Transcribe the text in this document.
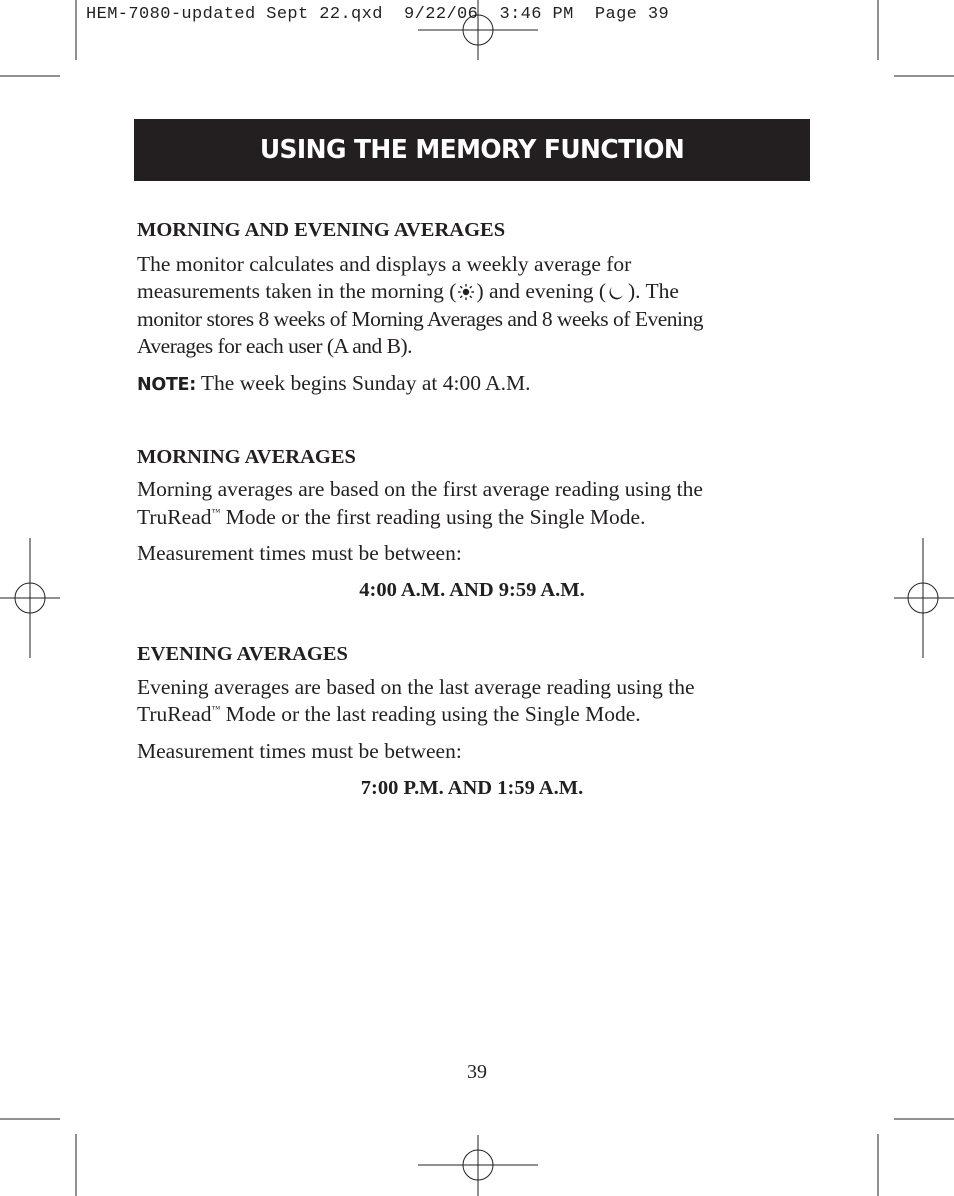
HEM-7080-updated Sept 22.qxd  9/22/06  3:46 PM  Page 39
USING THE MEMORY FUNCTION
MORNING AND EVENING AVERAGES
The monitor calculates and displays a weekly average for
measurements taken in the morning ( ) and evening ( ). The
monitor stores 8 weeks of Morning Averages and 8 weeks of Evening
Averages for each user (A and B).
NOTE: The week begins Sunday at 4:00 A.M.
MORNING AVERAGES
Morning averages are based on the first average reading using the
TruRead™ Mode or the first reading using the Single Mode.
Measurement times must be between:
4:00 A.M. AND 9:59 A.M.
EVENING AVERAGES
Evening averages are based on the last average reading using the
TruRead™ Mode or the last reading using the Single Mode.
Measurement times must be between:
7:00 P.M. AND 1:59 A.M.
39
